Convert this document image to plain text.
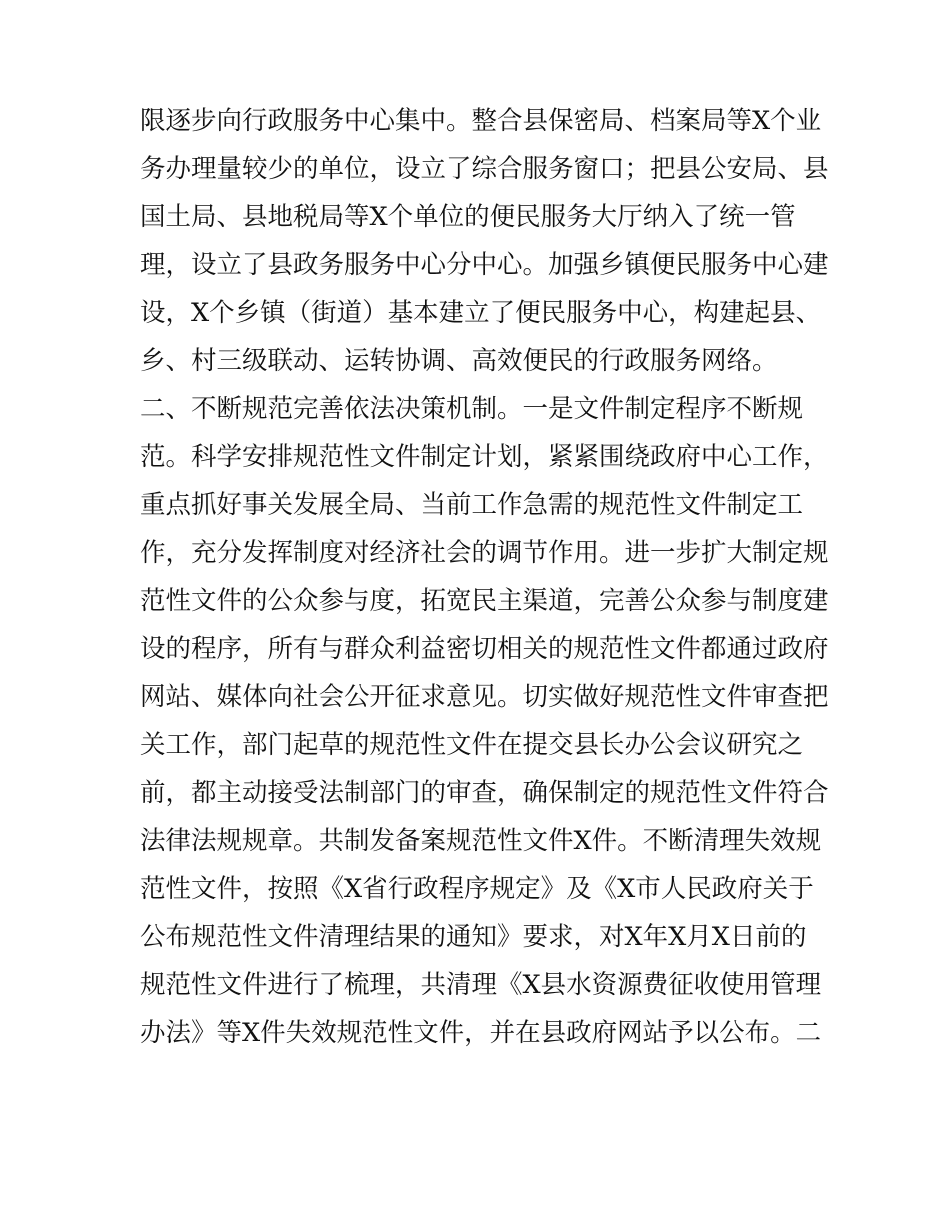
限逐步向行政服务中心集中。整合县保密局、档案局等X个业
务办理量较少的单位，设立了综合服务窗口；把县公安局、县
国土局、县地税局等X个单位的便民服务大厅纳入了统一管
理，设立了县政务服务中心分中心。加强乡镇便民服务中心建
设，X个乡镇（街道）基本建立了便民服务中心，构建起县、
乡、村三级联动、运转协调、高效便民的行政服务网络。
二、不断规范完善依法决策机制。一是文件制定程序不断规
范。科学安排规范性文件制定计划，紧紧围绕政府中心工作，
重点抓好事关发展全局、当前工作急需的规范性文件制定工
作，充分发挥制度对经济社会的调节作用。进一步扩大制定规
范性文件的公众参与度，拓宽民主渠道，完善公众参与制度建
设的程序，所有与群众利益密切相关的规范性文件都通过政府
网站、媒体向社会公开征求意见。切实做好规范性文件审查把
关工作，部门起草的规范性文件在提交县长办公会议研究之
前，都主动接受法制部门的审查，确保制定的规范性文件符合
法律法规规章。共制发备案规范性文件X件。不断清理失效规
范性文件，按照《X省行政程序规定》及《X市人民政府关于
公布规范性文件清理结果的通知》要求，对X年X月X日前的
规范性文件进行了梳理，共清理《X县水资源费征收使用管理
办法》等X件失效规范性文件，并在县政府网站予以公布。二
